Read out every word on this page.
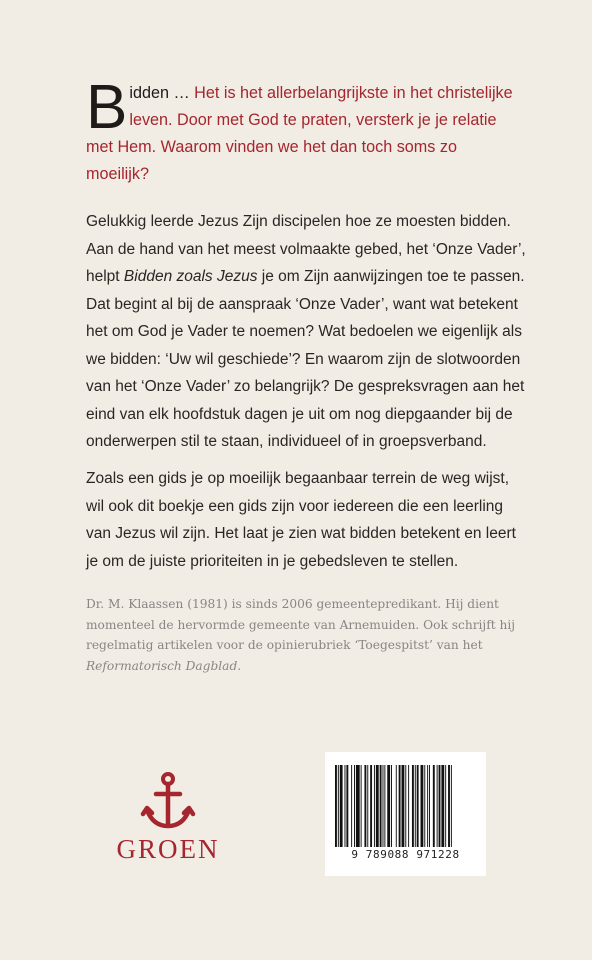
Bidden … Het is het allerbelangrijkste in het christelijke leven. Door met God te praten, versterk je je relatie met Hem. Waarom vinden we het dan toch soms zo moeilijk?
Gelukkig leerde Jezus Zijn discipelen hoe ze moesten bidden. Aan de hand van het meest volmaakte gebed, het ‘Onze Vader’, helpt Bidden zoals Jezus je om Zijn aanwijzingen toe te passen. Dat begint al bij de aanspraak ‘Onze Vader’, want wat betekent het om God je Vader te noemen? Wat bedoelen we eigenlijk als we bidden: ‘Uw wil geschiede’? En waarom zijn de slotwoorden van het ‘Onze Vader’ zo belangrijk? De gespreksvragen aan het eind van elk hoofdstuk dagen je uit om nog diepgaander bij de onderwerpen stil te staan, individueel of in groepsverband.
Zoals een gids je op moeilijk begaanbaar terrein de weg wijst, wil ook dit boekje een gids zijn voor iedereen die een leerling van Jezus wil zijn. Het laat je zien wat bidden betekent en leert je om de juiste prioriteiten in je gebedsleven te stellen.
Dr. M. Klaassen (1981) is sinds 2006 gemeentepredikant. Hij dient momenteel de hervormde gemeente van Arnemuiden. Ook schrijft hij regelmatig artikelen voor de opinierubriek ‘Toegespitst’ van het Reformatorisch Dagblad.
GROEN	9 789088 971228
